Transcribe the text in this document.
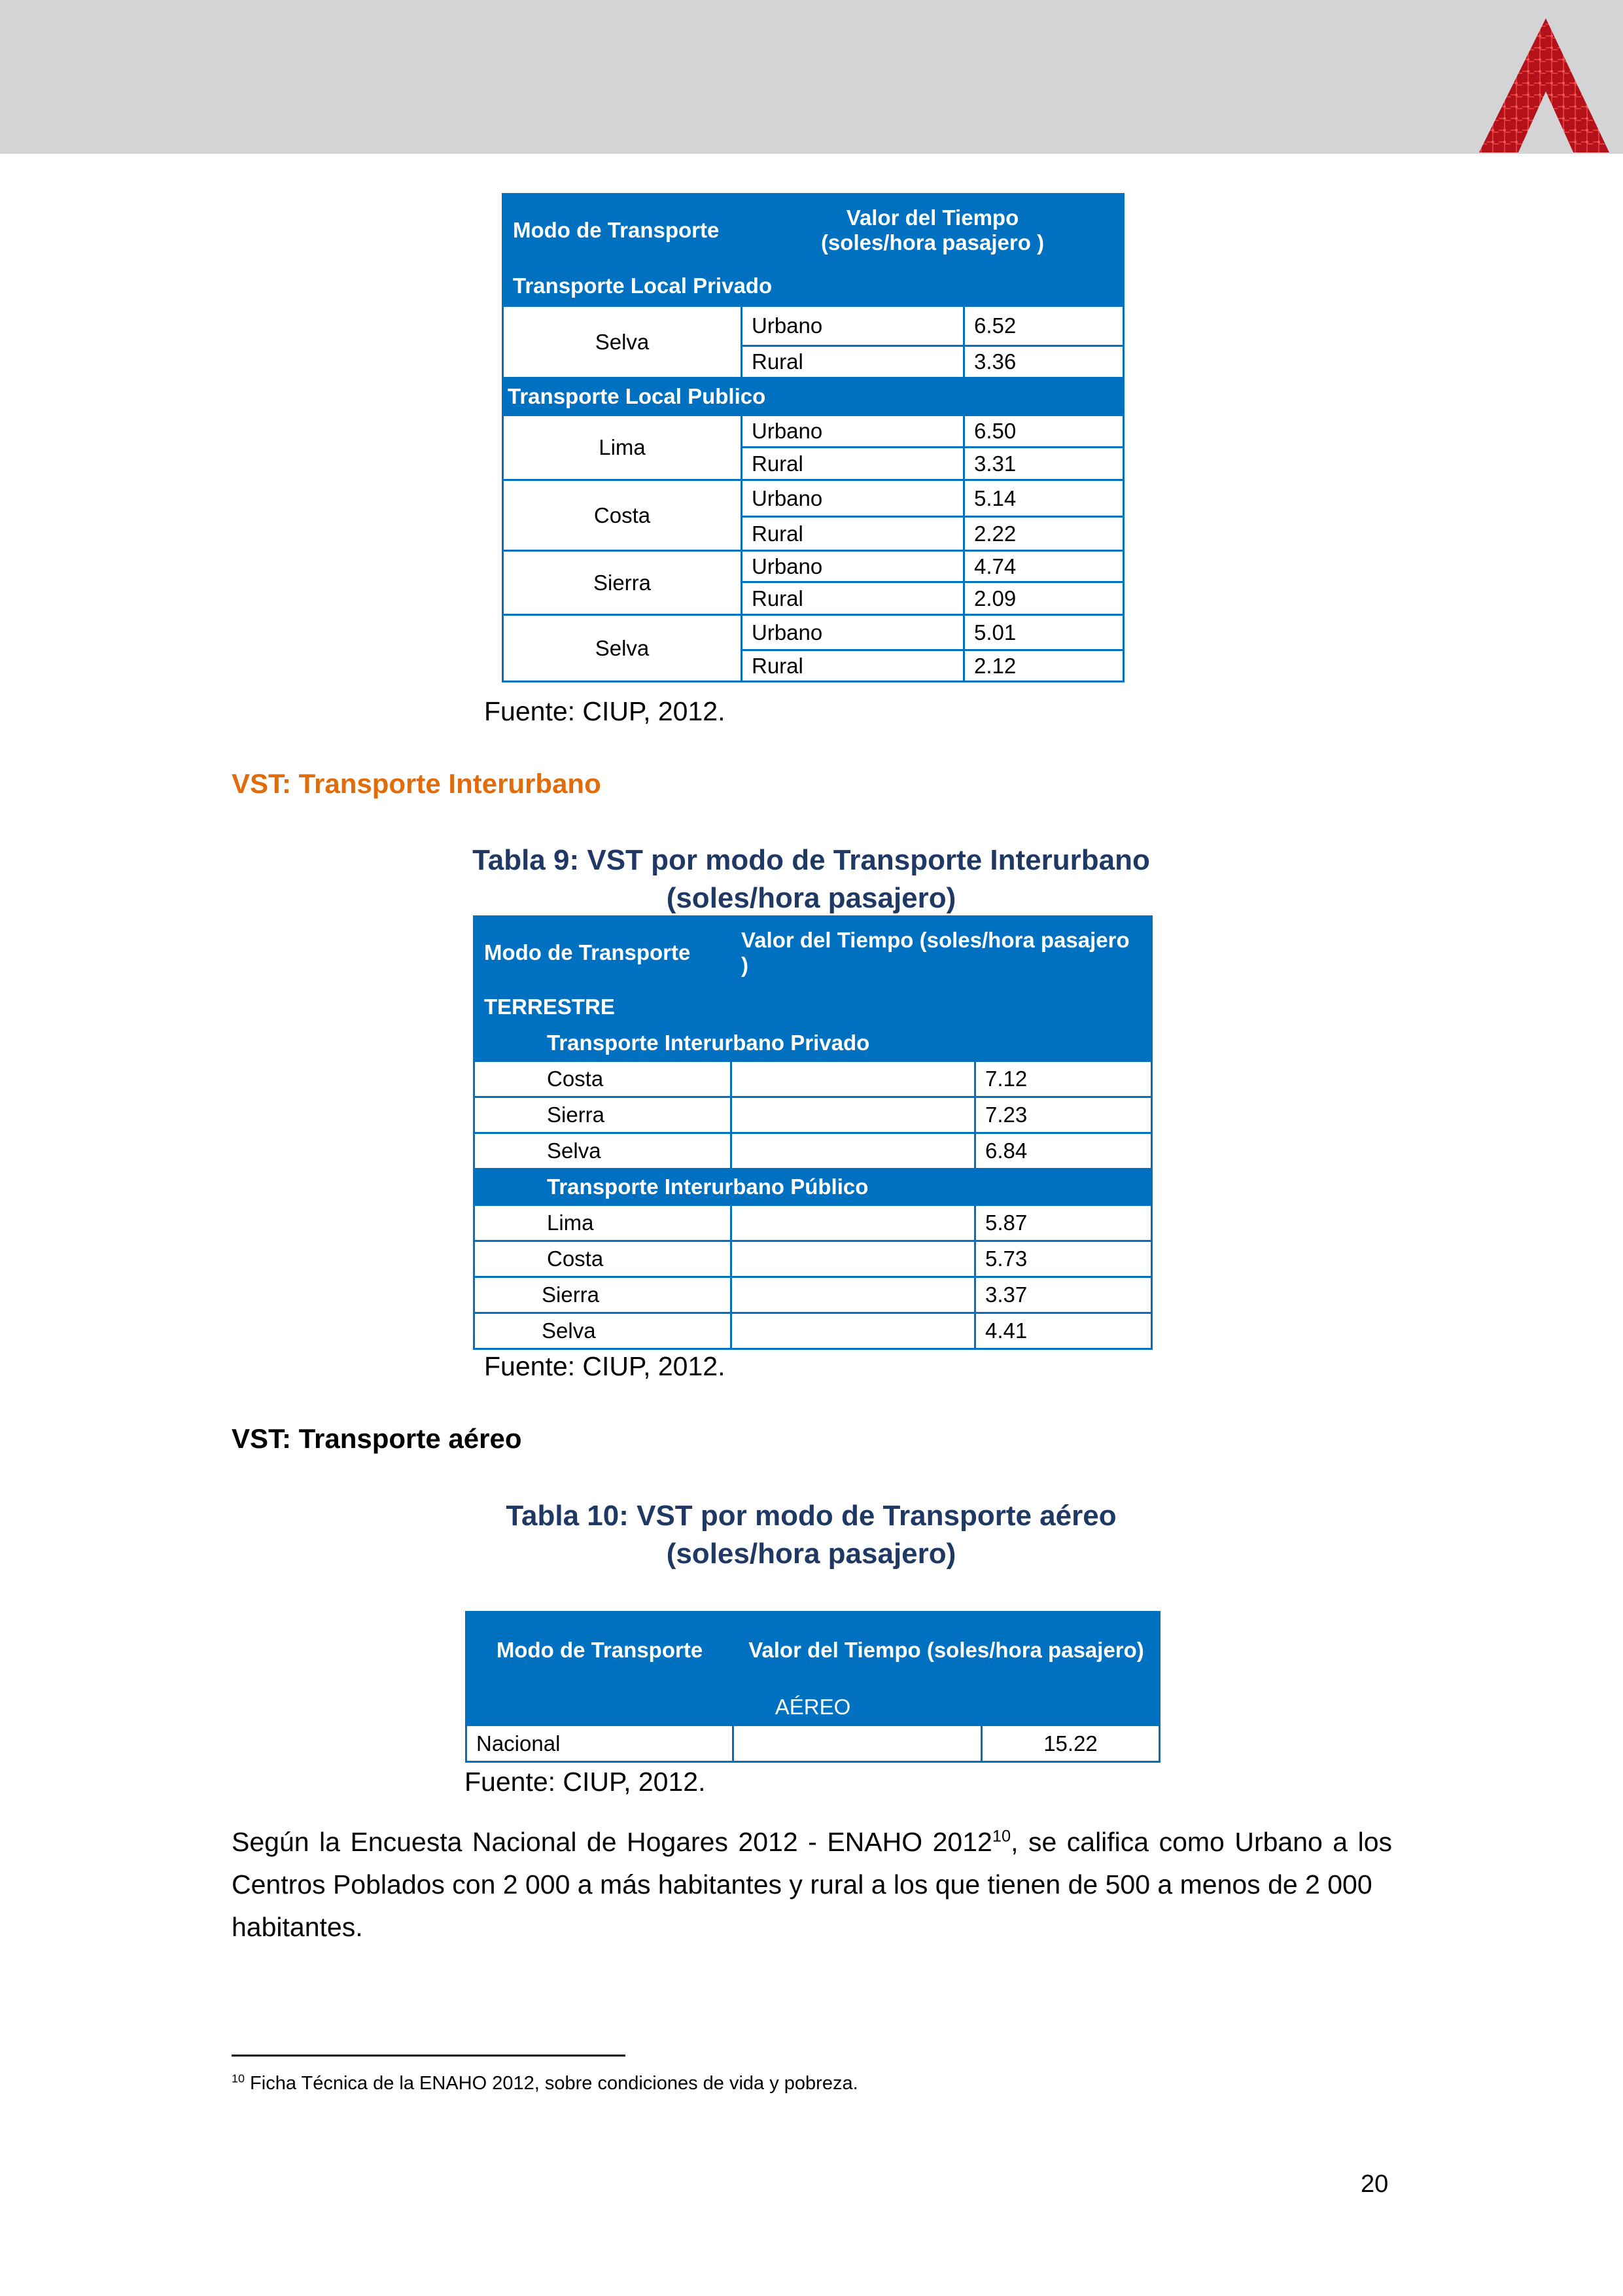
Modo de Transporte	Valor del Tiempo
(soles/hora pasajero )	

Transporte Local Privado		
Selva	Urbano	6.52
	Rural	3.36
Transporte Local Publico		
Lima	Urbano	6.50
	Rural	3.31
Costa	Urbano	5.14
	Rural	2.22
Sierra	Urbano	4.74
	Rural	2.09
Selva	Urbano	5.01
	Rural	2.12
Fuente: CIUP, 2012.
VST: Transporte Interurbano
Tabla 9: VST por modo de Transporte Interurbano
(soles/hora pasajero)
Modo de Transporte	Valor del Tiempo (soles/hora pasajero )	
TERRESTRE		
Transporte Interurbano Privado		
Costa		7.12
Sierra		7.23
Selva		6.84
Transporte Interurbano Público		
Lima		5.87
Costa		5.73
Sierra		3.37
Selva		4.41
Fuente: CIUP, 2012.
VST: Transporte aéreo
Tabla 10: VST por modo de Transporte aéreo
(soles/hora pasajero)
Modo de Transporte	Valor del Tiempo (soles/hora pasajero)	
AÉREO		
Nacional		15.22
Fuente: CIUP, 2012.
Según la Encuesta Nacional de Hogares 2012 - ENAHO 2012$^{10}$, se califica como Urbano a los Centros Poblados con 2 000 a más habitantes y rural a los que tienen de 500 a menos de 2 000
habitantes.
$^{10}$ Ficha Técnica de la ENAHO 2012, sobre condiciones de vida y pobreza.
20
